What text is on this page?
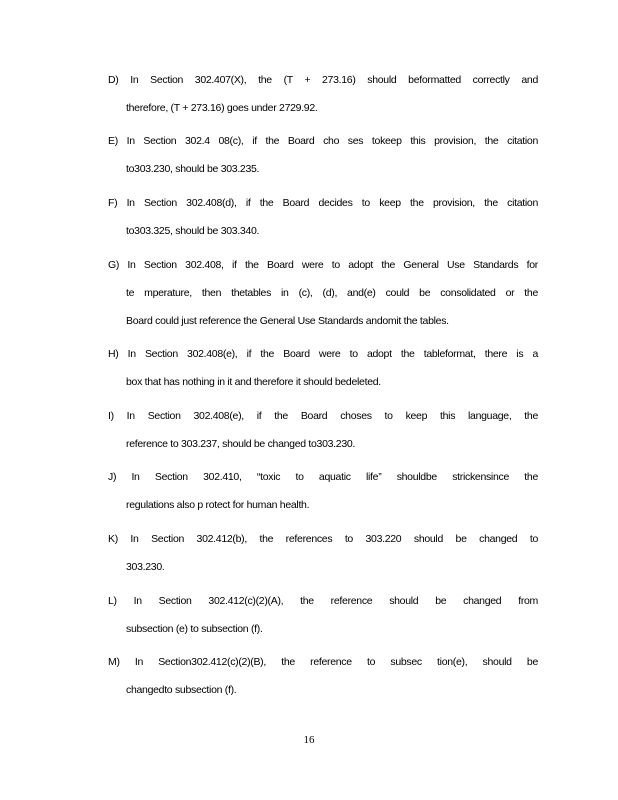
D) In Section 302.407(X), the (T + 273.16) should beformatted correctly and
therefore, (T + 273.16) goes under 2729.92.
E) In Section 302.4 08(c), if the Board cho ses tokeep this provision, the citation
to303.230, should be 303.235.
F) In Section 302.408(d), if the Board decides to keep the provision, the citation
to303.325, should be 303.340.
G) In Section 302.408, if the Board were to adopt the General Use Standards for
te mperature, then thetables in (c), (d), and(e) could be consolidated or the
Board could just reference the General Use Standards andomit the tables.
H) In Section 302.408(e), if the Board were to adopt the tableformat, there is a
box that has nothing in it and therefore it should bedeleted.
I) In Section 302.408(e), if the Board choses to keep this language, the
reference to 303.237, should be changed to303.230.
J) In Section 302.410, “toxic to aquatic life” shouldbe strickensince the
regulations also p rotect for human health.
K) In Section 302.412(b), the references to 303.220 should be changed to
303.230.
L) In Section 302.412(c)(2)(A), the reference should be changed from
subsection (e) to subsection (f).
M) In Section302.412(c)(2)(B), the reference to subsec tion(e), should be
changedto subsection (f).
16
